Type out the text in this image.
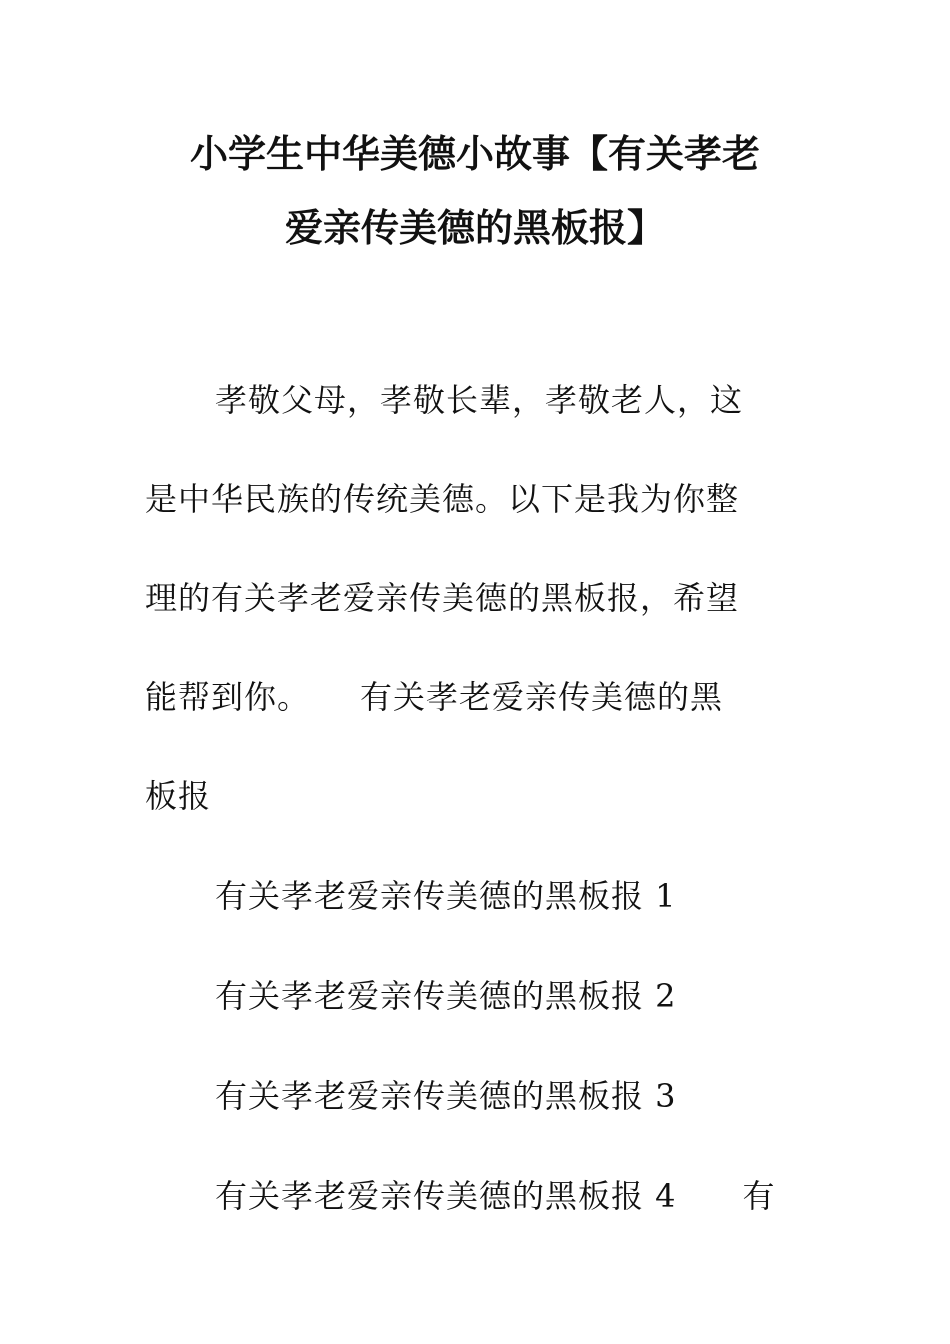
小学生中华美德小故事【有关孝老
爱亲传美德的黑板报】
孝敬父母，孝敬长辈，孝敬老人，这
是中华民族的传统美德。以下是我为你整
理的有关孝老爱亲传美德的黑板报，希望
能帮到你。　　有关孝老爱亲传美德的黑
板报
有关孝老爱亲传美德的黑板报 1
有关孝老爱亲传美德的黑板报 2
有关孝老爱亲传美德的黑板报 3
有关孝老爱亲传美德的黑板报 4　　有
